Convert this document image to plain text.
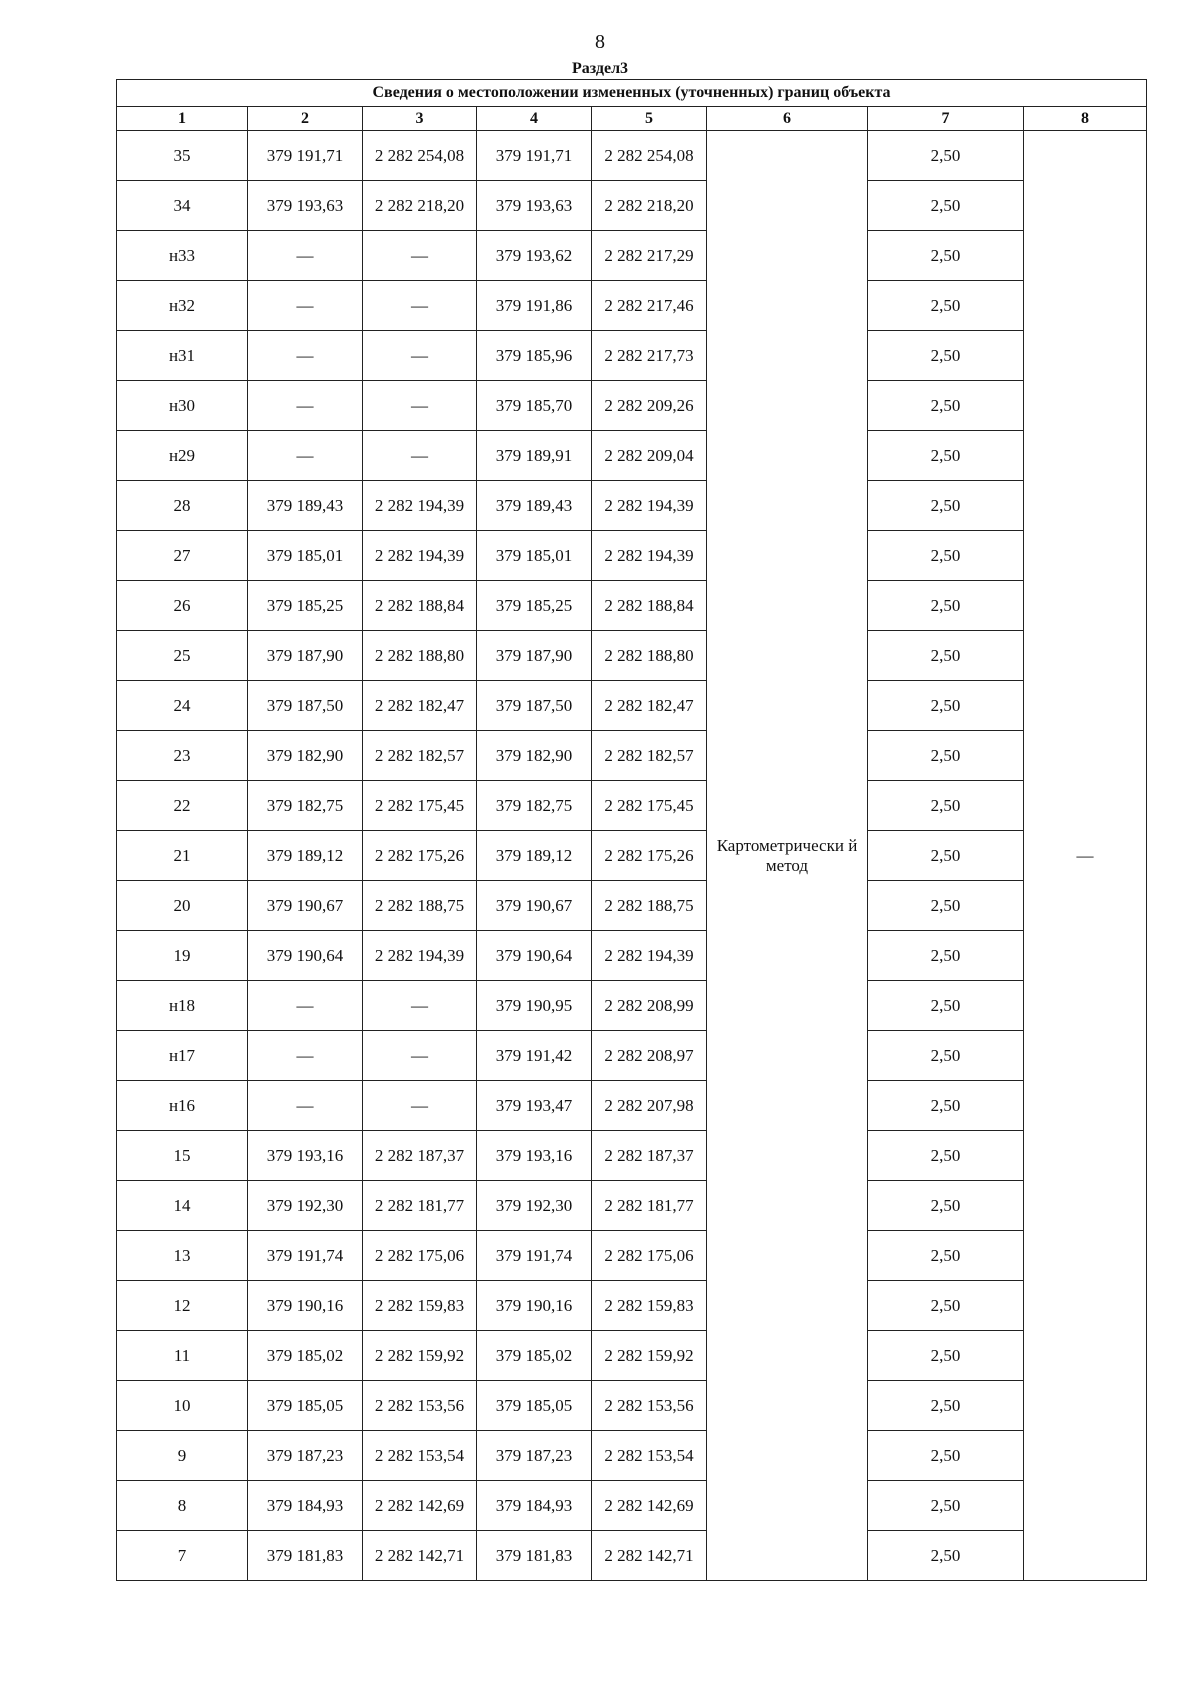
8
Раздел3
Сведения о местоположении измененных (уточненных) границ объекта							
1	2	3	4	5	6	7	8
35	379 191,71	2 282 254,08	379 191,71	2 282 254,08	Картометрически й метод	2,50	—
34	379 193,63	2 282 218,20	379 193,63	2 282 218,20		2,50	
н33	—	—	379 193,62	2 282 217,29		2,50	
н32	—	—	379 191,86	2 282 217,46		2,50	
н31	—	—	379 185,96	2 282 217,73		2,50	
н30	—	—	379 185,70	2 282 209,26		2,50	
н29	—	—	379 189,91	2 282 209,04		2,50	
28	379 189,43	2 282 194,39	379 189,43	2 282 194,39		2,50	
27	379 185,01	2 282 194,39	379 185,01	2 282 194,39		2,50	
26	379 185,25	2 282 188,84	379 185,25	2 282 188,84		2,50	
25	379 187,90	2 282 188,80	379 187,90	2 282 188,80		2,50	
24	379 187,50	2 282 182,47	379 187,50	2 282 182,47		2,50	
23	379 182,90	2 282 182,57	379 182,90	2 282 182,57		2,50	
22	379 182,75	2 282 175,45	379 182,75	2 282 175,45		2,50	
21	379 189,12	2 282 175,26	379 189,12	2 282 175,26		2,50	
20	379 190,67	2 282 188,75	379 190,67	2 282 188,75		2,50	
19	379 190,64	2 282 194,39	379 190,64	2 282 194,39		2,50	
н18	—	—	379 190,95	2 282 208,99		2,50	
н17	—	—	379 191,42	2 282 208,97		2,50	
н16	—	—	379 193,47	2 282 207,98		2,50	
15	379 193,16	2 282 187,37	379 193,16	2 282 187,37		2,50	
14	379 192,30	2 282 181,77	379 192,30	2 282 181,77		2,50	
13	379 191,74	2 282 175,06	379 191,74	2 282 175,06		2,50	
12	379 190,16	2 282 159,83	379 190,16	2 282 159,83		2,50	
11	379 185,02	2 282 159,92	379 185,02	2 282 159,92		2,50	
10	379 185,05	2 282 153,56	379 185,05	2 282 153,56		2,50	
9	379 187,23	2 282 153,54	379 187,23	2 282 153,54		2,50	
8	379 184,93	2 282 142,69	379 184,93	2 282 142,69		2,50	
7	379 181,83	2 282 142,71	379 181,83	2 282 142,71		2,50	
